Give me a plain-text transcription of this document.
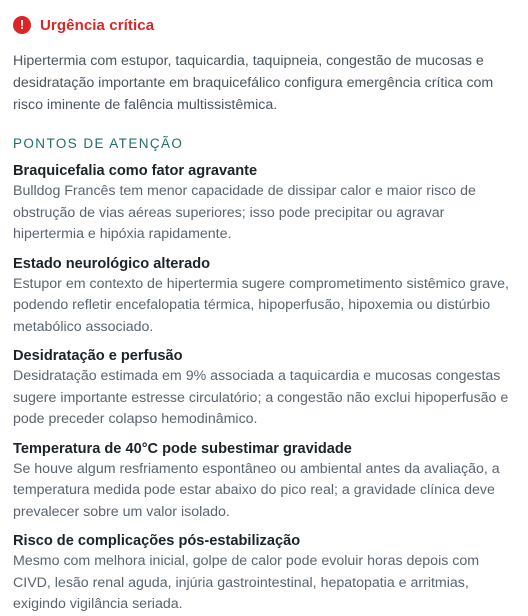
!	Urgência crítica
Hipertermia com estupor, taquicardia, taquipneia, congestão de mucosas e desidratação importante em braquicefálico configura emergência crítica com risco iminente de falência multissistêmica.
PONTOS DE ATENÇÃO
Braquicefalia como fator agravante
Bulldog Francês tem menor capacidade de dissipar calor e maior risco de obstrução de vias aéreas superiores; isso pode precipitar ou agravar hipertermia e hipóxia rapidamente.
Estado neurológico alterado
Estupor em contexto de hipertermia sugere comprometimento sistêmico grave, podendo refletir encefalopatia térmica, hipoperfusão, hipoxemia ou distúrbio metabólico associado.
Desidratação e perfusão
Desidratação estimada em 9% associada a taquicardia e mucosas congestas sugere importante estresse circulatório; a congestão não exclui hipoperfusão e pode preceder colapso hemodinâmico.
Temperatura de 40°C pode subestimar gravidade
Se houve algum resfriamento espontâneo ou ambiental antes da avaliação, a temperatura medida pode estar abaixo do pico real; a gravidade clínica deve prevalecer sobre um valor isolado.
Risco de complicações pós-estabilização
Mesmo com melhora inicial, golpe de calor pode evoluir horas depois com CIVD, lesão renal aguda, injúria gastrointestinal, hepatopatia e arritmias, exigindo vigilância seriada.
